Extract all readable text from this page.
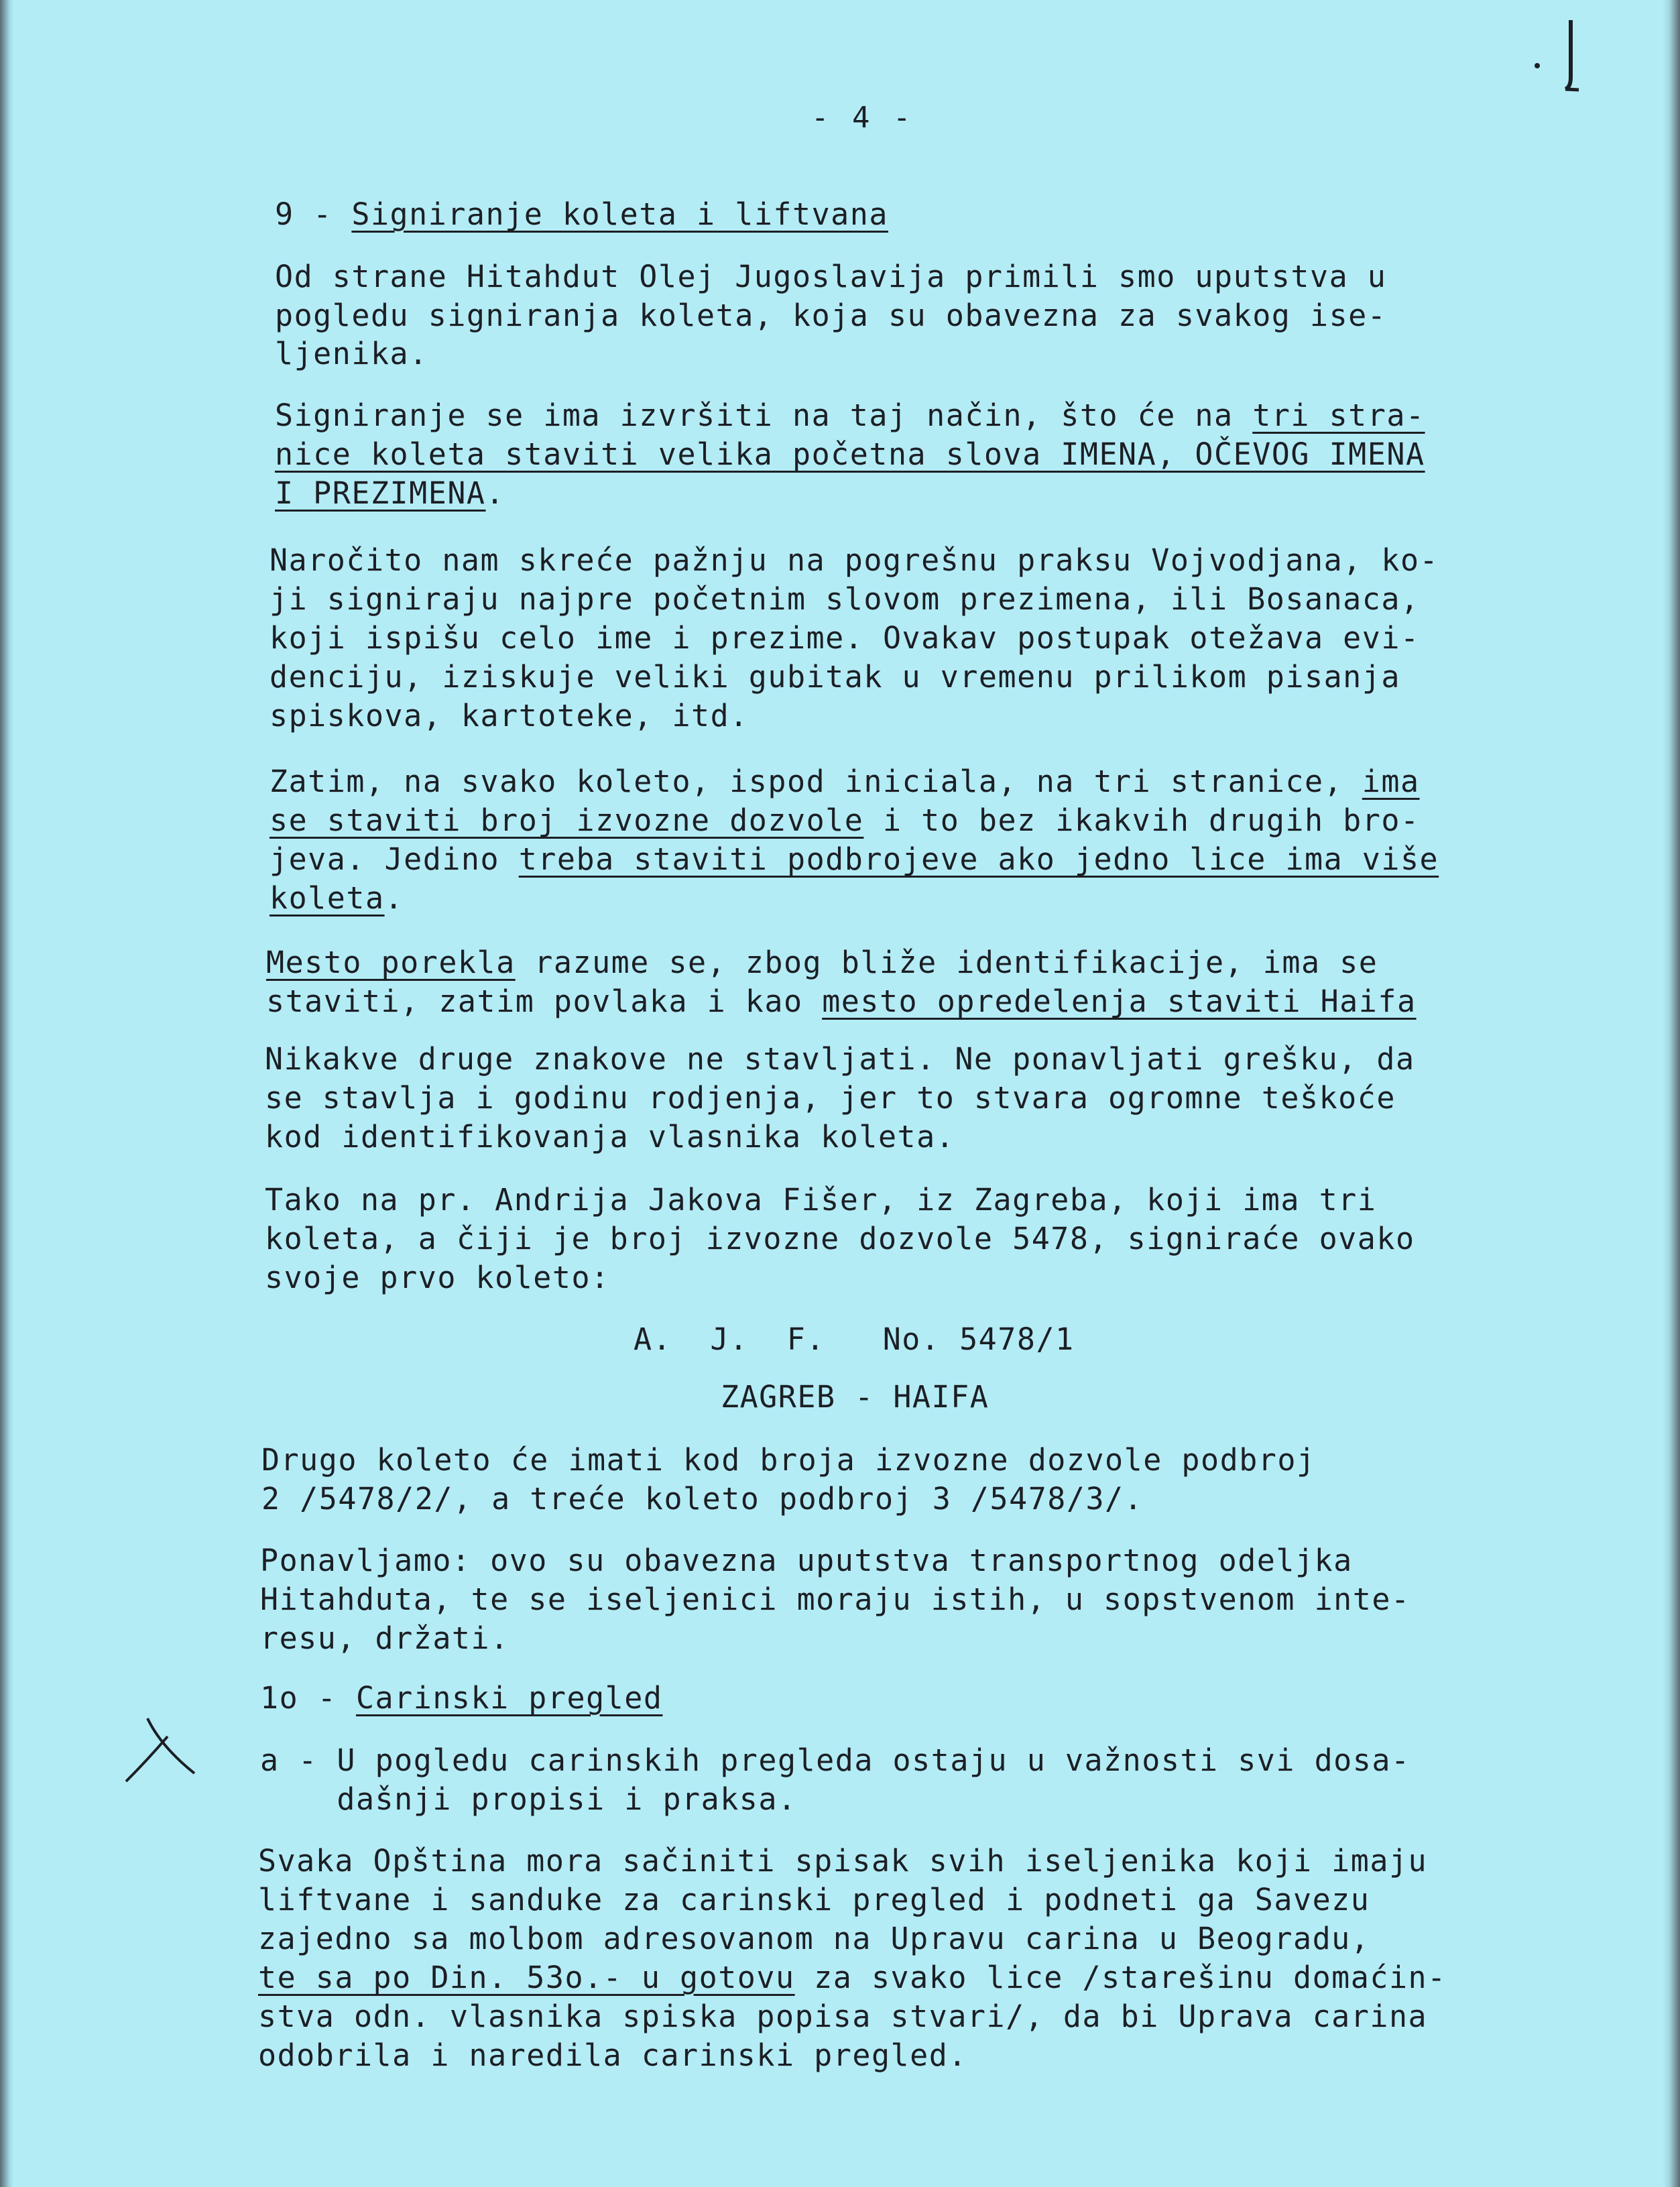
- 4 -
9 - Signiranje koleta i liftvana
Od strane Hitahdut Olej Jugoslavija primili smo uputstva u
pogledu signiranja koleta, koja su obavezna za svakog ise-
ljenika.
Signiranje se ima izvršiti na taj način, što će na tri stra-
nice koleta staviti velika početna slova IMENA, OČEVOG IMENA
I PREZIMENA.
Naročito nam skreće pažnju na pogrešnu praksu Vojvodjana, ko-
ji signiraju najpre početnim slovom prezimena, ili Bosanaca,
koji ispišu celo ime i prezime. Ovakav postupak otežava evi-
denciju, iziskuje veliki gubitak u vremenu prilikom pisanja
spiskova, kartoteke, itd.
Zatim, na svako koleto, ispod iniciala, na tri stranice, ima
se staviti broj izvozne dozvole i to bez ikakvih drugih bro-
jeva. Jedino treba staviti podbrojeve ako jedno lice ima više
koleta.
Mesto porekla razume se, zbog bliže identifikacije, ima se
staviti, zatim povlaka i kao mesto opredelenja staviti Haifa
Nikakve druge znakove ne stavljati. Ne ponavljati grešku, da
se stavlja i godinu rodjenja, jer to stvara ogromne teškoće
kod identifikovanja vlasnika koleta.
Tako na pr. Andrija Jakova Fišer, iz Zagreba, koji ima tri
koleta, a čiji je broj izvozne dozvole 5478, signiraće ovako
svoje prvo koleto:
A.  J.  F.   No. 5478/1
ZAGREB - HAIFA
Drugo koleto će imati kod broja izvozne dozvole podbroj
2 /5478/2/, a treće koleto podbroj 3 /5478/3/.
Ponavljamo: ovo su obavezna uputstva transportnog odeljka
Hitahduta, te se iseljenici moraju istih, u sopstvenom inte-
resu, držati.
1o - Carinski pregled
a - U pogledu carinskih pregleda ostaju u važnosti svi dosa-
dašnji propisi i praksa.
Svaka Opština mora sačiniti spisak svih iseljenika koji imaju
liftvane i sanduke za carinski pregled i podneti ga Savezu
zajedno sa molbom adresovanom na Upravu carina u Beogradu,
te sa po Din. 53o.- u gotovu za svako lice /starešinu domaćin-
stva odn. vlasnika spiska popisa stvari/, da bi Uprava carina
odobrila i naredila carinski pregled.
